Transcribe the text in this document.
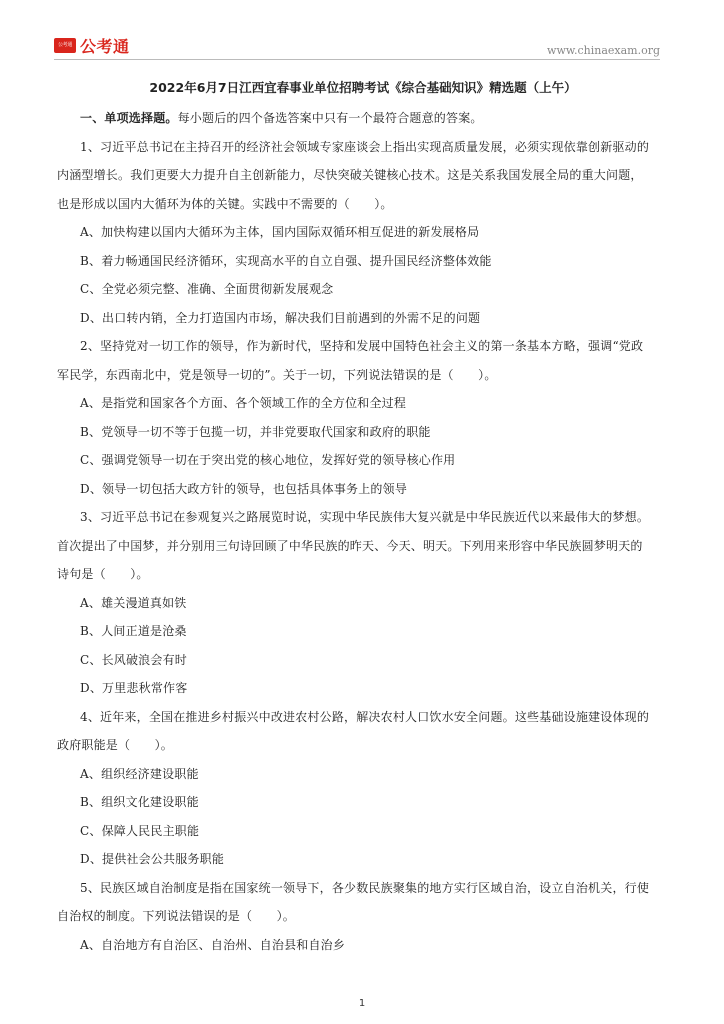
公考通 公考通	www.chinaexam.org
2022年6月7日江西宜春事业单位招聘考试《综合基础知识》精选题（上午）
一、单项选择题。每小题后的四个备选答案中只有一个最符合题意的答案。
1、习近平总书记在主持召开的经济社会领域专家座谈会上指出实现高质量发展，必须实现依靠创新驱动的
内涵型增长。我们更要大力提升自主创新能力，尽快突破关键核心技术。这是关系我国发展全局的重大问题，
也是形成以国内大循环为体的关键。实践中不需要的（　　）。
A、加快构建以国内大循环为主体，国内国际双循环相互促进的新发展格局
B、着力畅通国民经济循环，实现高水平的自立自强、提升国民经济整体效能
C、全党必须完整、准确、全面贯彻新发展观念
D、出口转内销，全力打造国内市场，解决我们目前遇到的外需不足的问题
2、坚持党对一切工作的领导，作为新时代，坚持和发展中国特色社会主义的第一条基本方略，强调“党政
军民学，东西南北中，党是领导一切的”。关于一切，下列说法错误的是（　　）。
A、是指党和国家各个方面、各个领域工作的全方位和全过程
B、党领导一切不等于包揽一切，并非党要取代国家和政府的职能
C、强调党领导一切在于突出党的核心地位，发挥好党的领导核心作用
D、领导一切包括大政方针的领导，也包括具体事务上的领导
3、习近平总书记在参观复兴之路展览时说，实现中华民族伟大复兴就是中华民族近代以来最伟大的梦想。
首次提出了中国梦，并分别用三句诗回顾了中华民族的昨天、今天、明天。下列用来形容中华民族圆梦明天的
诗句是（　　）。
A、雄关漫道真如铁
B、人间正道是沧桑
C、长风破浪会有时
D、万里悲秋常作客
4、近年来，全国在推进乡村振兴中改进农村公路，解决农村人口饮水安全问题。这些基础设施建设体现的
政府职能是（　　）。
A、组织经济建设职能
B、组织文化建设职能
C、保障人民民主职能
D、提供社会公共服务职能
5、民族区域自治制度是指在国家统一领导下，各少数民族聚集的地方实行区域自治，设立自治机关，行使
自治权的制度。下列说法错误的是（　　）。
A、自治地方有自治区、自治州、自治县和自治乡
1
